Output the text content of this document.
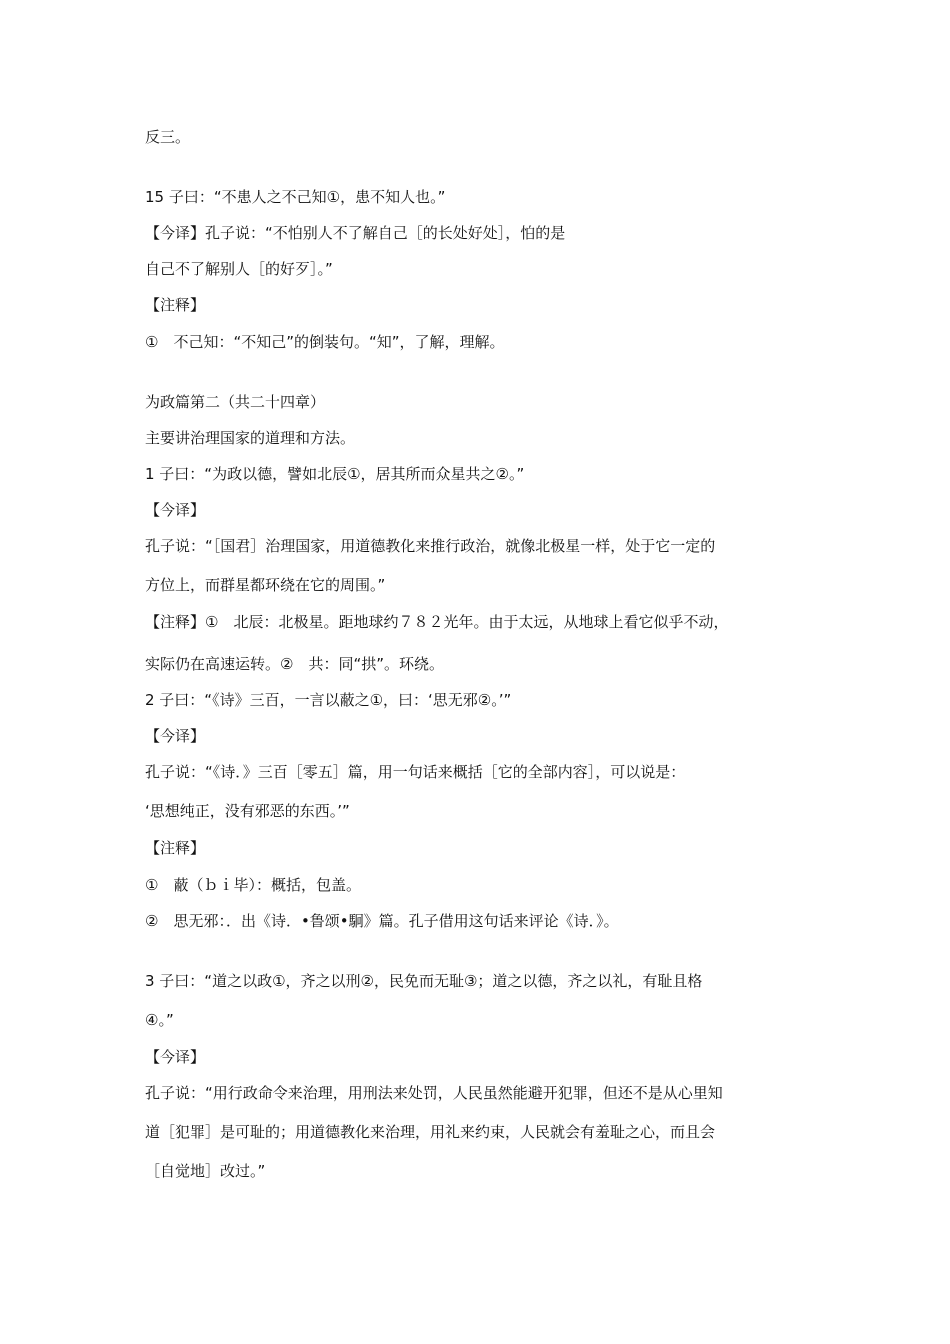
反三。
15 子曰：“不患人之不己知①，患不知人也。”
【今译】孔子说：“不怕别人不了解自己［的长处好处］，怕的是
自己不了解别人［的好歹］。”
【注释】
①　不己知：“不知己”的倒装句。“知”，了解，理解。
为政篇第二（共二十四章）
主要讲治理国家的道理和方法。
1 子曰：“为政以德，譬如北辰①，居其所而众星共之②。”
【今译】
孔子说：“［国君］治理国家，用道德教化来推行政治，就像北极星一样，处于它一定的
方位上，而群星都环绕在它的周围。”
【注释】①　北辰：北极星。距地球约７８２光年。由于太远，从地球上看它似乎不动，
实际仍在高速运转。②　共：同“拱”。环绕。
2 子曰：“《诗》三百，一言以蔽之①，曰：‘思无邪②。’”
【今译】
孔子说：“《诗．》三百［零五］篇，用一句话来概括［它的全部内容］，可以说是：
‘思想纯正，没有邪恶的东西。’”
【注释】
①　蔽（ｂｉ毕）：概括，包盖。
②　思无邪：．出《诗．•鲁颂•駉》篇。孔子借用这句话来评论《诗．》。
3 子曰：“道之以政①，齐之以刑②，民免而无耻③；道之以德，齐之以礼，有耻且格
④。”
【今译】
孔子说：“用行政命令来治理，用刑法来处罚，人民虽然能避开犯罪，但还不是从心里知
道［犯罪］是可耻的；用道德教化来治理，用礼来约束，人民就会有羞耻之心，而且会
［自觉地］改过。”
